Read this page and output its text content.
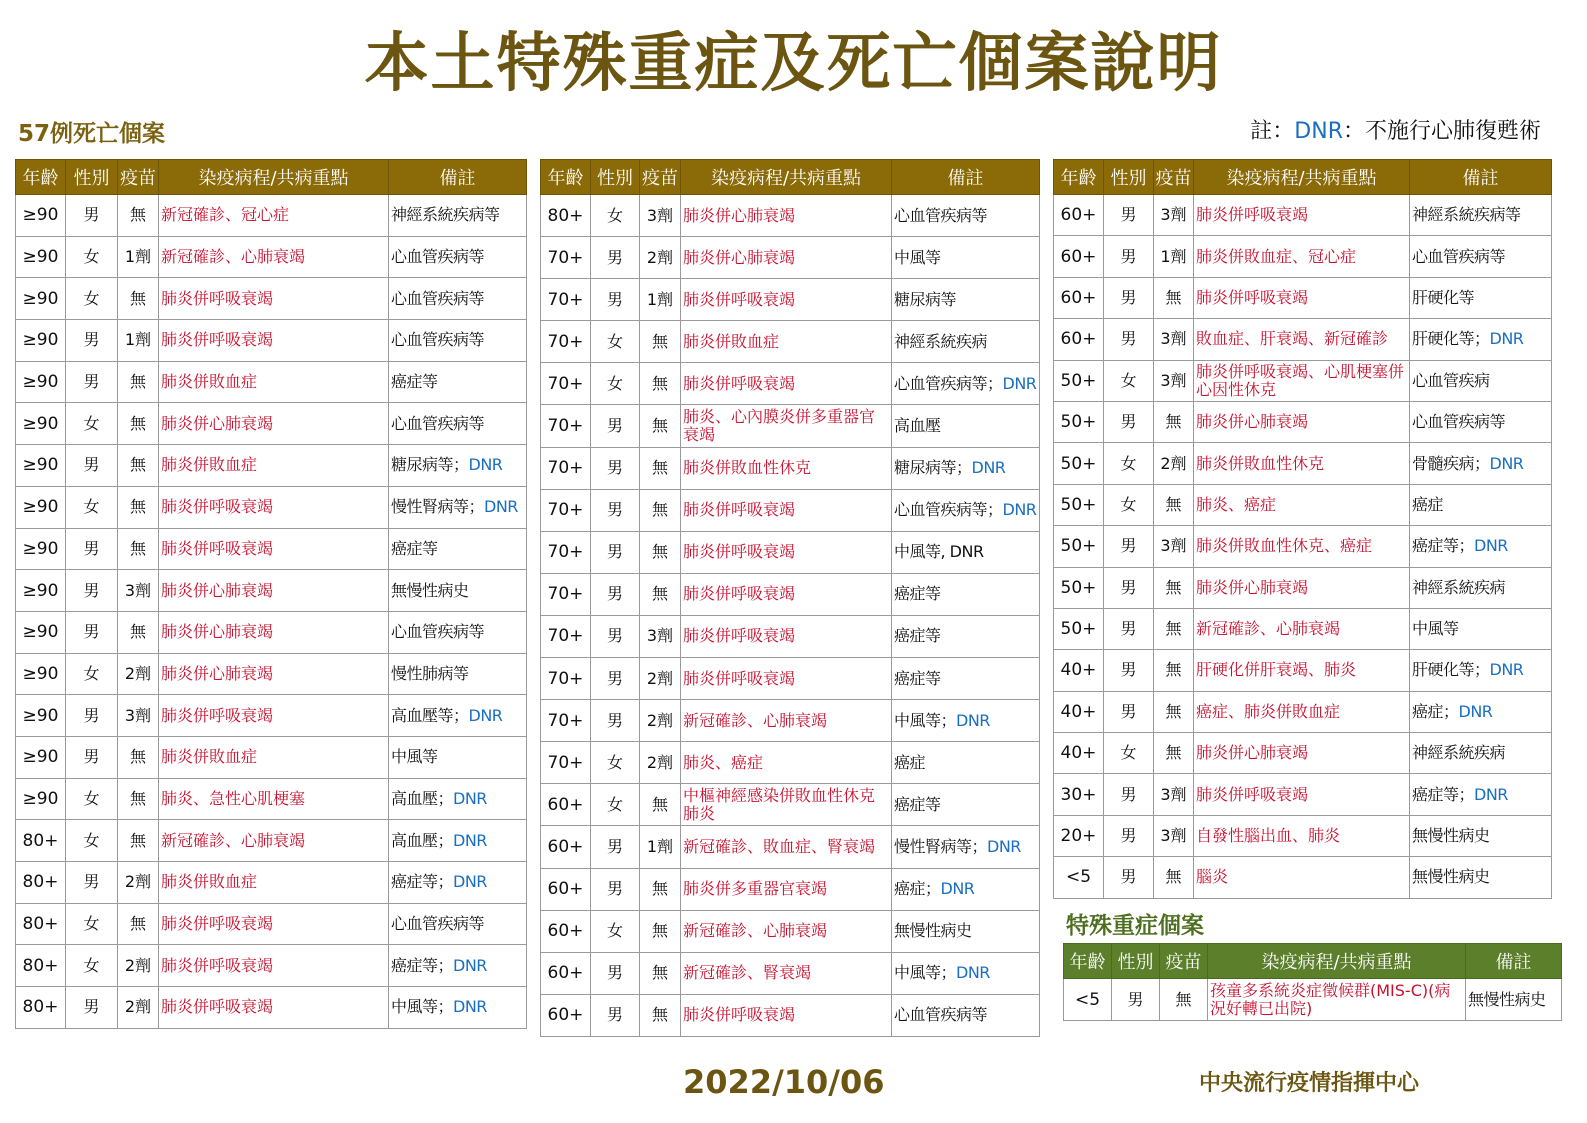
本土特殊重症及死亡個案說明
57例死亡個案	註：DNR：不施行心肺復甦術
年齡	性別	疫苗	染疫病程/共病重點	備註
≥90	男	無	新冠確診、冠心症	神經系統疾病等
≥90	女	1劑	新冠確診、心肺衰竭	心血管疾病等
≥90	女	無	肺炎併呼吸衰竭	心血管疾病等
≥90	男	1劑	肺炎併呼吸衰竭	心血管疾病等
≥90	男	無	肺炎併敗血症	癌症等
≥90	女	無	肺炎併心肺衰竭	心血管疾病等
≥90	男	無	肺炎併敗血症	糖尿病等；DNR
≥90	女	無	肺炎併呼吸衰竭	慢性腎病等；DNR
≥90	男	無	肺炎併呼吸衰竭	癌症等
≥90	男	3劑	肺炎併心肺衰竭	無慢性病史
≥90	男	無	肺炎併心肺衰竭	心血管疾病等
≥90	女	2劑	肺炎併心肺衰竭	慢性肺病等
≥90	男	3劑	肺炎併呼吸衰竭	高血壓等；DNR
≥90	男	無	肺炎併敗血症	中風等
≥90	女	無	肺炎、急性心肌梗塞	高血壓；DNR
80+	女	無	新冠確診、心肺衰竭	高血壓；DNR
80+	男	2劑	肺炎併敗血症	癌症等；DNR
80+	女	無	肺炎併呼吸衰竭	心血管疾病等
80+	女	2劑	肺炎併呼吸衰竭	癌症等；DNR
80+	男	2劑	肺炎併呼吸衰竭	中風等；DNR
年齡	性別	疫苗	染疫病程/共病重點	備註
80+	女	3劑	肺炎併心肺衰竭	心血管疾病等
70+	男	2劑	肺炎併心肺衰竭	中風等
70+	男	1劑	肺炎併呼吸衰竭	糖尿病等
70+	女	無	肺炎併敗血症	神經系統疾病
70+	女	無	肺炎併呼吸衰竭	心血管疾病等；DNR
70+	男	無	肺炎、心內膜炎併多重器官衰竭	高血壓
70+	男	無	肺炎併敗血性休克	糖尿病等；DNR
70+	男	無	肺炎併呼吸衰竭	心血管疾病等；DNR
70+	男	無	肺炎併呼吸衰竭	中風等, DNR
70+	男	無	肺炎併呼吸衰竭	癌症等
70+	男	3劑	肺炎併呼吸衰竭	癌症等
70+	男	2劑	肺炎併呼吸衰竭	癌症等
70+	男	2劑	新冠確診、心肺衰竭	中風等；DNR
70+	女	2劑	肺炎、癌症	癌症
60+	女	無	中樞神經感染併敗血性休克肺炎	癌症等
60+	男	1劑	新冠確診、敗血症、腎衰竭	慢性腎病等；DNR
60+	男	無	肺炎併多重器官衰竭	癌症；DNR
60+	女	無	新冠確診、心肺衰竭	無慢性病史
60+	男	無	新冠確診、腎衰竭	中風等；DNR
60+	男	無	肺炎併呼吸衰竭	心血管疾病等
年齡	性別	疫苗	染疫病程/共病重點	備註
60+	男	3劑	肺炎併呼吸衰竭	神經系統疾病等
60+	男	1劑	肺炎併敗血症、冠心症	心血管疾病等
60+	男	無	肺炎併呼吸衰竭	肝硬化等
60+	男	3劑	敗血症、肝衰竭、新冠確診	肝硬化等；DNR
50+	女	3劑	肺炎併呼吸衰竭、心肌梗塞併心因性休克	心血管疾病
50+	男	無	肺炎併心肺衰竭	心血管疾病等
50+	女	2劑	肺炎併敗血性休克	骨髓疾病；DNR
50+	女	無	肺炎、癌症	癌症
50+	男	3劑	肺炎併敗血性休克、癌症	癌症等；DNR
50+	男	無	肺炎併心肺衰竭	神經系統疾病
50+	男	無	新冠確診、心肺衰竭	中風等
40+	男	無	肝硬化併肝衰竭、肺炎	肝硬化等；DNR
40+	男	無	癌症、肺炎併敗血症	癌症；DNR
40+	女	無	肺炎併心肺衰竭	神經系統疾病
30+	男	3劑	肺炎併呼吸衰竭	癌症等；DNR
20+	男	3劑	自發性腦出血、肺炎	無慢性病史
<5	男	無	腦炎	無慢性病史
特殊重症個案
年齡	性別	疫苗	染疫病程/共病重點	備註
<5	男	無	孩童多系統炎症徵候群(MIS-C)(病況好轉已出院)	無慢性病史
2022/10/06	中央流行疫情指揮中心
